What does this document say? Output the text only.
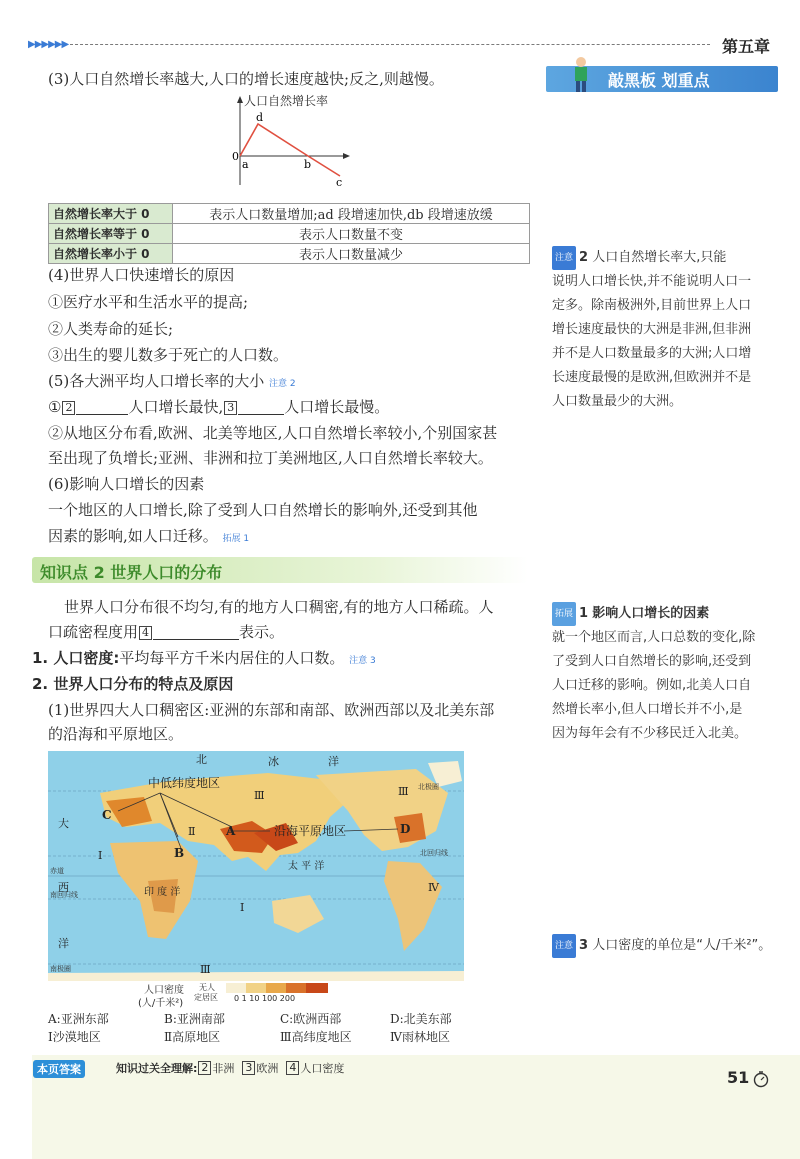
▶▶▶▶▶▶	第五章
敲黑板 划重点
(3)人口自然增长率越大,人口的增长速度越快;反之,则越慢。
0
a
d
b
c
人口自然增长率
自然增长率大于 0	表示人口数量增加;ad 段增速加快,db 段增速放缓
自然增长率等于 0	表示人口数量不变
自然增长率小于 0	表示人口数量减少
(4)世界人口快速增长的原因
①医疗水平和生活水平的提高;
②人类寿命的延长;
③出生的婴儿数多于死亡的人口数。
(5)各大洲平均人口增长率的大小 注意 2
① 2	人口增长最快, 3	人口增长最慢。
②从地区分布看,欧洲、北美等地区,人口自然增长率较小,个别国家甚
至出现了负增长;亚洲、非洲和拉丁美洲地区,人口自然增长率较大。
(6)影响人口增长的因素
一个地区的人口增长,除了受到人口自然增长的影响外,还受到其他
因素的影响,如人口迁移。 拓展 1
知识点 2 世界人口的分布
世界人口分布很不均匀,有的地方人口稠密,有的地方人口稀疏。人
口疏密程度用 4	表示。
1. 人口密度:平均每平方千米内居住的人口数。 注意 3
2. 世界人口分布的特点及原因
(1)世界四大人口稠密区:亚洲的东部和南部、欧洲西部以及北美东部
的沿海和平原地区。
北	冰	洋
中低纬度地区
沿海平原地区
大
西
洋
印 度 洋
太 平 洋
A
B
C
D
Ⅰ
Ⅰ
Ⅱ
Ⅲ	Ⅲ
Ⅲ
Ⅳ
北极圈
北回归线
赤道
南回归线
南极圈
人口密度
(人/千米²)
无人
定居区 0 1 10 100 200
A:亚洲东部	B:亚洲南部	C:欧洲西部	D:北美东部
Ⅰ沙漠地区	Ⅱ高原地区	Ⅲ高纬度地区	Ⅳ雨林地区
注意 2 人口自然增长率大,只能
说明人口增长快,并不能说明人口一
定多。除南极洲外,目前世界上人口
增长速度最快的大洲是非洲,但非洲
并不是人口数量最多的大洲;人口增
长速度最慢的是欧洲,但欧洲并不是
人口数量最少的大洲。
拓展 1 影响人口增长的因素
就一个地区而言,人口总数的变化,除
了受到人口自然增长的影响,还受到
人口迁移的影响。例如,北美人口自
然增长率小,但人口增长并不小,是
因为每年会有不少移民迁入北美。
注意 3 人口密度的单位是“人/千米²”。
本页答案	知识过关全理解: 2 非洲 3 欧洲 4 人口密度	51
